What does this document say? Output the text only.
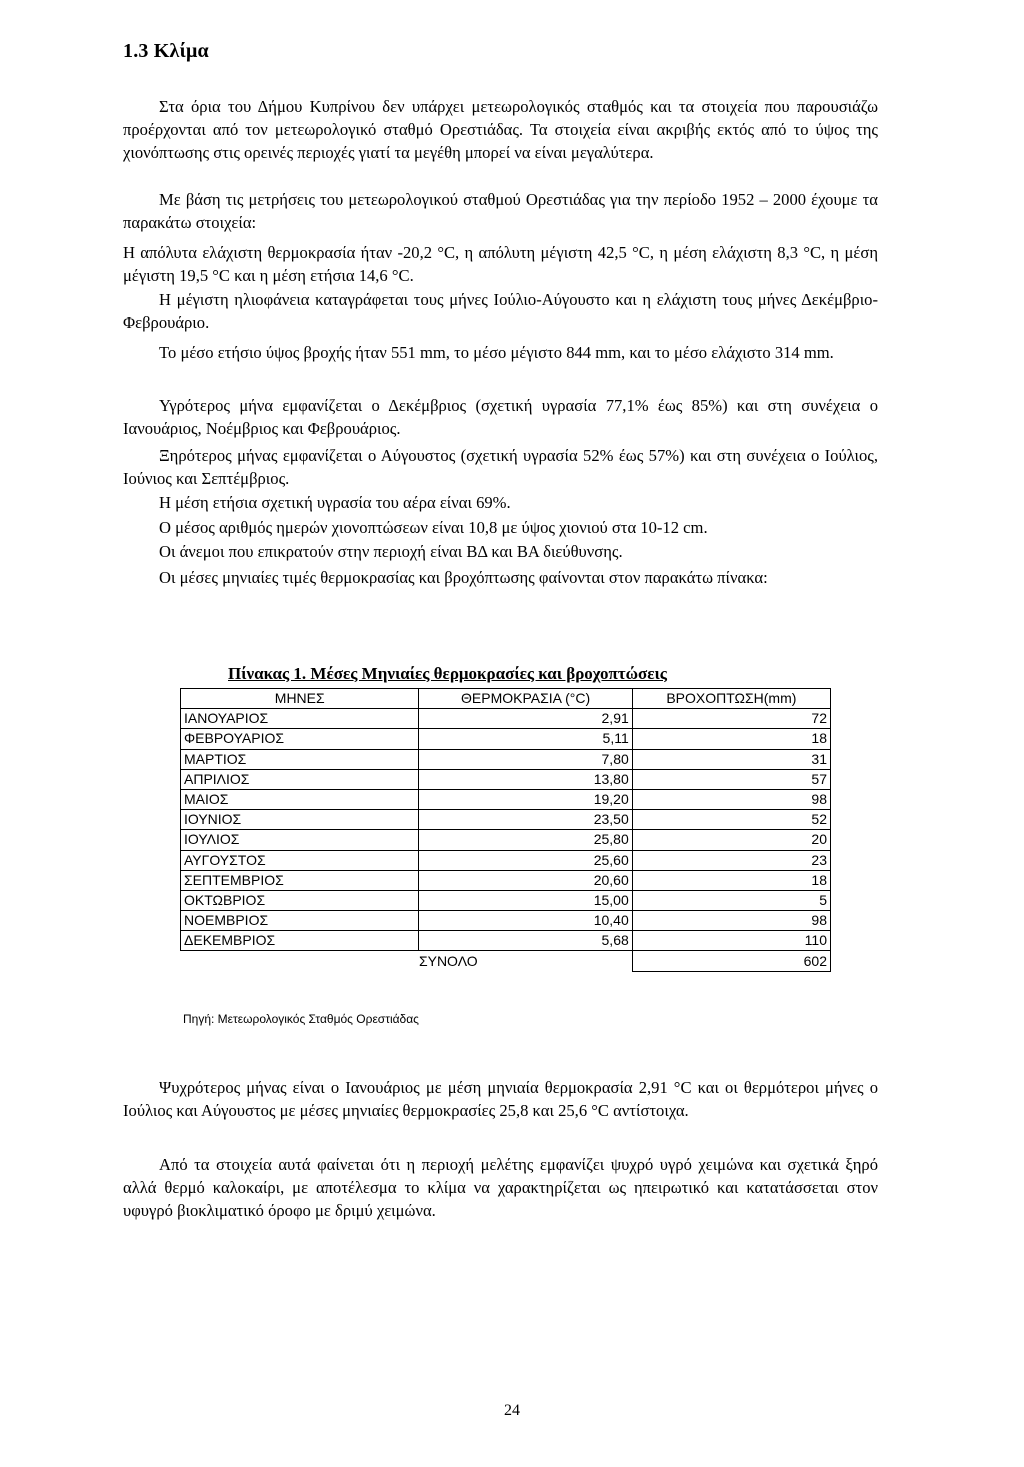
1.3 Κλίμα

Στα όρια του Δήμου Κυπρίνου δεν υπάρχει μετεωρολογικός σταθμός και τα στοιχεία που παρουσιάζω προέρχονται από τον μετεωρολογικό σταθμό Ορεστιάδας. Τα στοιχεία είναι ακριβής εκτός από το ύψος της χιονόπτωσης στις ορεινές περιοχές γιατί τα μεγέθη μπορεί να είναι μεγαλύτερα.

Με βάση τις μετρήσεις του μετεωρολογικού σταθμού Ορεστιάδας για την περίοδο 1952 – 2000 έχουμε τα παρακάτω στοιχεία:

Η απόλυτα ελάχιστη θερμοκρασία ήταν -20,2 °C, η απόλυτη μέγιστη 42,5 °C, η μέση ελάχιστη 8,3 °C, η μέση μέγιστη 19,5 °C και η μέση ετήσια 14,6 °C.

Η μέγιστη ηλιοφάνεια καταγράφεται τους μήνες Ιούλιο-Αύγουστο και η ελάχιστη τους μήνες Δεκέμβριο-Φεβρουάριο.

Το μέσο ετήσιο ύψος βροχής ήταν 551 mm, το μέσο μέγιστο 844 mm, και το μέσο ελάχιστο 314 mm.

Υγρότερος μήνα εμφανίζεται ο Δεκέμβριος (σχετική υγρασία 77,1% έως 85%) και στη συνέχεια ο Ιανουάριος, Νοέμβριος και Φεβρουάριος.

Ξηρότερος μήνας εμφανίζεται ο Αύγουστος (σχετική υγρασία 52% έως 57%) και στη συνέχεια ο Ιούλιος, Ιούνιος και Σεπτέμβριος.

Η μέση ετήσια σχετική υγρασία του αέρα είναι 69%.

Ο μέσος αριθμός ημερών χιονοπτώσεων είναι 10,8 με ύψος χιονιού στα 10-12 cm.

Οι άνεμοι που επικρατούν στην περιοχή είναι ΒΔ και ΒΑ διεύθυνσης.

Οι μέσες μηνιαίες τιμές θερμοκρασίας και βροχόπτωσης φαίνονται στον παρακάτω πίνακα:

Πίνακας 1. Μέσες Μηνιαίες θερμοκρασίες και βροχοπτώσεις
ΜΗΝΕΣ	ΘΕΡΜΟΚΡΑΣΙΑ (°C)	ΒΡΟΧΟΠΤΩΣΗ(mm)
ΙΑΝΟΥΑΡΙΟΣ	2,91	72
ΦΕΒΡΟΥΑΡΙΟΣ	5,11	18
ΜΑΡΤΙΟΣ	7,80	31
ΑΠΡΙΛΙΟΣ	13,80	57
ΜΑΙΟΣ	19,20	98
ΙΟΥΝΙΟΣ	23,50	52
ΙΟΥΛΙΟΣ	25,80	20
ΑΥΓΟΥΣΤΟΣ	25,60	23
ΣΕΠΤΕΜΒΡΙΟΣ	20,60	18
ΟΚΤΩΒΡΙΟΣ	15,00	5
ΝΟΕΜΒΡΙΟΣ	10,40	98
ΔΕΚΕΜΒΡΙΟΣ	5,68	110
	ΣΥΝΟΛΟ	602
Πηγή: Μετεωρολογικός Σταθμός Ορεστιάδας

Ψυχρότερος μήνας είναι ο Ιανουάριος με μέση μηνιαία θερμοκρασία 2,91 °C και οι θερμότεροι μήνες ο Ιούλιος και Αύγουστος με μέσες μηνιαίες θερμοκρασίες 25,8 και 25,6 °C αντίστοιχα.

Από τα στοιχεία αυτά φαίνεται ότι η περιοχή μελέτης εμφανίζει ψυχρό υγρό χειμώνα και σχετικά ξηρό αλλά θερμό καλοκαίρι, με αποτέλεσμα το κλίμα να χαρακτηρίζεται ως ηπειρωτικό και κατατάσσεται στον υφυγρό βιοκλιματικό όροφο με δριμύ χειμώνα.

24
